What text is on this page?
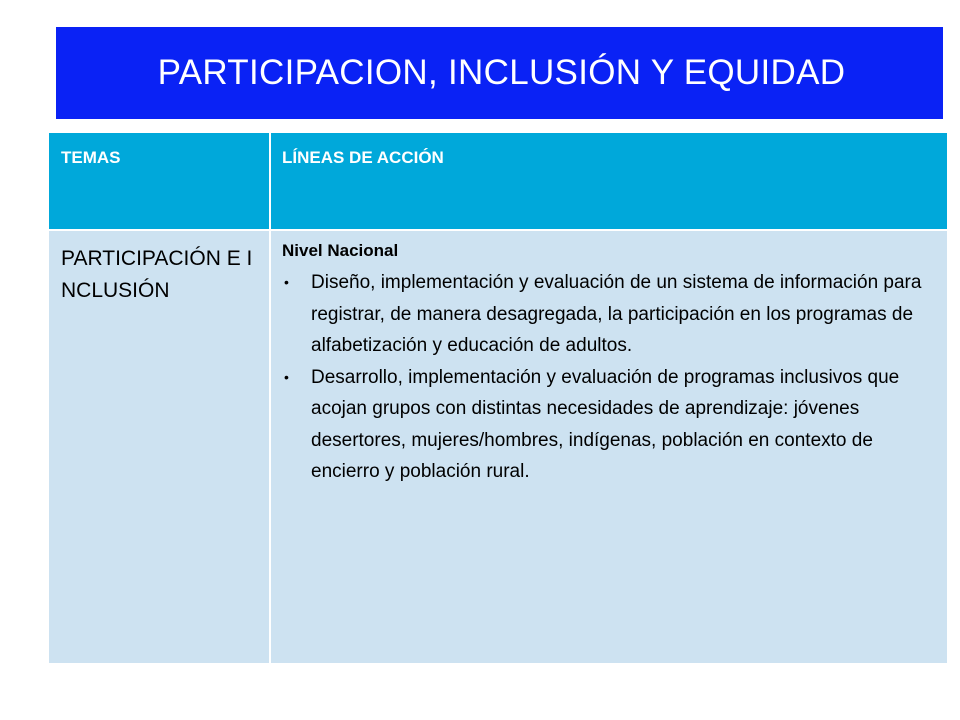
PARTICIPACION, INCLUSIÓN Y EQUIDAD
TEMAS	LÍNEAS DE ACCIÓN
PARTICIPACIÓN E INCLUSIÓN
Nivel Nacional
• Diseño, implementación y evaluación de un sistema de información para registrar, de manera desagregada, la participación en los programas de alfabetización y educación de adultos.
• Desarrollo, implementación y evaluación de programas inclusivos que acojan grupos con distintas necesidades de aprendizaje: jóvenes desertores, mujeres/hombres, indígenas, población en contexto de encierro y población rural.
